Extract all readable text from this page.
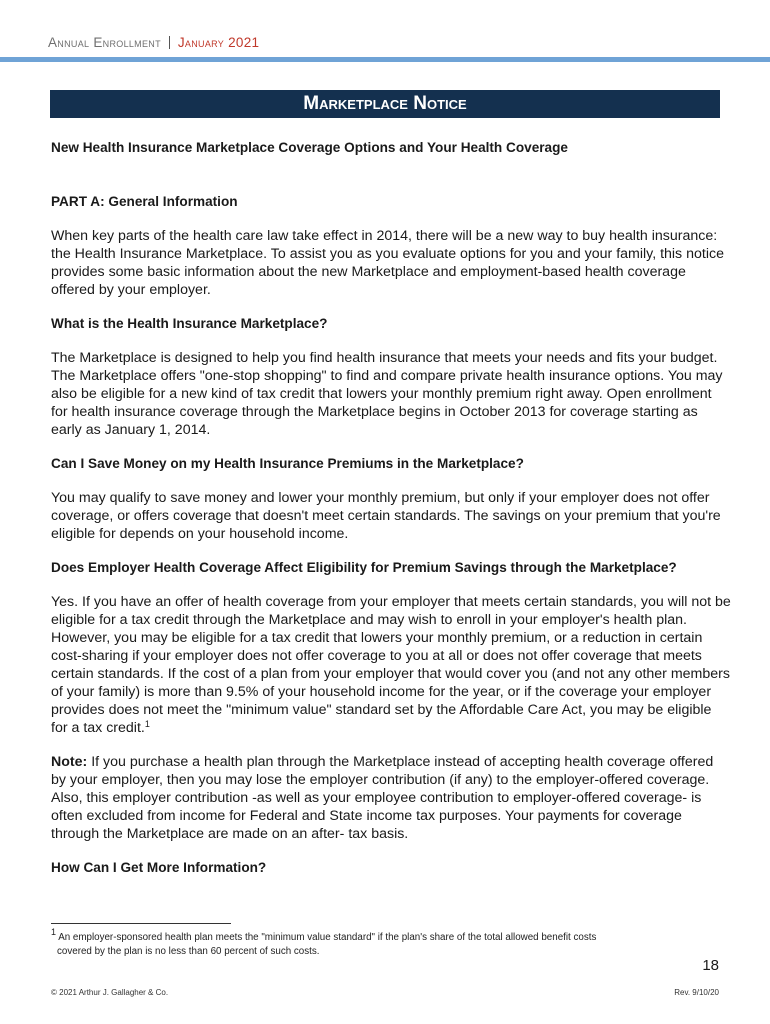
Annual Enrollment January 2021
Marketplace Notice
New Health Insurance Marketplace Coverage Options and Your Health Coverage
PART A: General Information

When key parts of the health care law take effect in 2014, there will be a new way to buy health insurance: the Health Insurance Marketplace. To assist you as you evaluate options for you and your family, this notice provides some basic information about the new Marketplace and employment-based health coverage offered by your employer.

What is the Health Insurance Marketplace?

The Marketplace is designed to help you find health insurance that meets your needs and fits your budget. The Marketplace offers "one-stop shopping" to find and compare private health insurance options. You may also be eligible for a new kind of tax credit that lowers your monthly premium right away. Open enrollment for health insurance coverage through the Marketplace begins in October 2013 for coverage starting as early as January 1, 2014.

Can I Save Money on my Health Insurance Premiums in the Marketplace?

You may qualify to save money and lower your monthly premium, but only if your employer does not offer coverage, or offers coverage that doesn't meet certain standards. The savings on your premium that you're eligible for depends on your household income.

Does Employer Health Coverage Affect Eligibility for Premium Savings through the Marketplace?

Yes. If you have an offer of health coverage from your employer that meets certain standards, you will not be eligible for a tax credit through the Marketplace and may wish to enroll in your employer's health plan. However, you may be eligible for a tax credit that lowers your monthly premium, or a reduction in certain cost-sharing if your employer does not offer coverage to you at all or does not offer coverage that meets certain standards. If the cost of a plan from your employer that would cover you (and not any other members of your family) is more than 9.5% of your household income for the year, or if the coverage your employer provides does not meet the "minimum value" standard set by the Affordable Care Act, you may be eligible for a tax credit.$^1$

Note: If you purchase a health plan through the Marketplace instead of accepting health coverage offered by your employer, then you may lose the employer contribution (if any) to the employer-offered coverage. Also, this employer contribution -as well as your employee contribution to employer-offered coverage- is often excluded from income for Federal and State income tax purposes. Your payments for coverage through the Marketplace are made on an after- tax basis.

How Can I Get More Information?
$^1$ An employer-sponsored health plan meets the "minimum value standard" if the plan's share of the total allowed benefit costs
covered by the plan is no less than 60 percent of such costs.
18
© 2021 Arthur J. Gallagher & Co.	Rev. 9/10/20
